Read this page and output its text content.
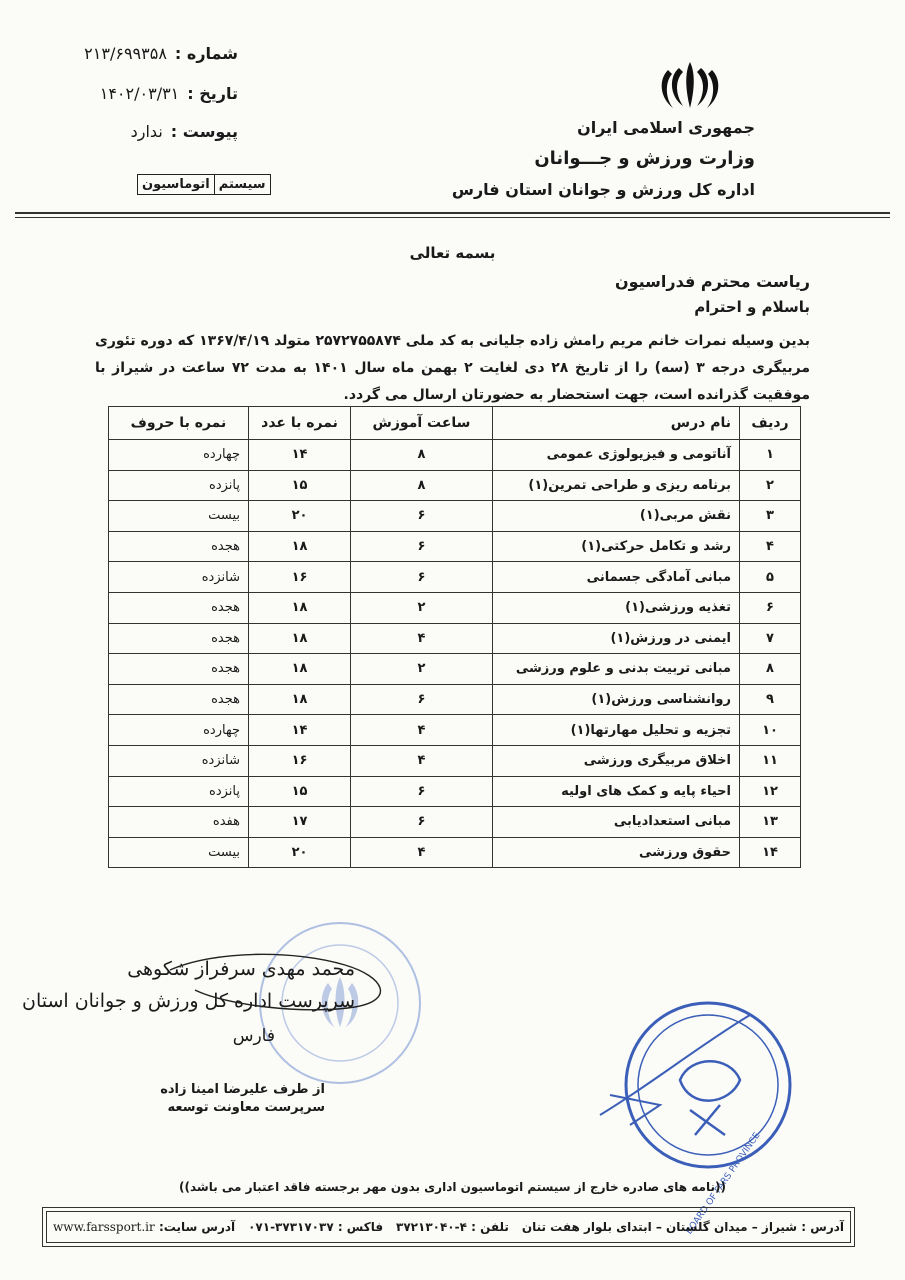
شماره :۲۱۳/۶۹۹۳۵۸
تاریخ :۱۴۰۲/۰۳/۳۱
پیوست :ندارد
سیستم
اتوماسیون
جمهوری اسلامی ایران
وزارت ورزش و جـــوانان
اداره کل ورزش و جوانان استان فارس
بسمه تعالی
ریاست محترم فدراسیون
باسلام و احترام
بدین وسیله نمرات خانم مریم رامش زاده جلیانی به کد ملی ۲۵۷۲۷۵۵۸۷۴ متولد ۱۳۶۷/۴/۱۹ که دوره تئوری مربیگری درجه ۳ (سه) را از تاریخ ۲۸ دی لغایت ۲ بهمن ماه سال ۱۴۰۱ به مدت ۷۲ ساعت در شیراز با موفقیت گذرانده است، جهت استحضار به حضورتان ارسال می گردد.
ردیف	نام درس	ساعت آموزش	نمره با عدد	نمره با حروف
۱	آناتومی و فیزیولوژی عمومی	۸	۱۴	چهارده
۲	برنامه ریزی و طراحی تمرین(۱)	۸	۱۵	پانزده
۳	نقش مربی(۱)	۶	۲۰	بیست
۴	رشد و تکامل حرکتی(۱)	۶	۱۸	هجده
۵	مبانی آمادگی جسمانی	۶	۱۶	شانزده
۶	تغذیه ورزشی(۱)	۲	۱۸	هجده
۷	ایمنی در ورزش(۱)	۴	۱۸	هجده
۸	مبانی تربیت بدنی و علوم ورزشی	۲	۱۸	هجده
۹	روانشناسی ورزش(۱)	۶	۱۸	هجده
۱۰	تجزیه و تحلیل مهارتها(۱)	۴	۱۴	چهارده
۱۱	اخلاق مربیگری ورزشی	۴	۱۶	شانزده
۱۲	احیاء پایه و کمک های اولیه	۶	۱۵	پانزده
۱۳	مبانی استعدادیابی	۶	۱۷	هفده
۱۴	حقوق ورزشی	۴	۲۰	بیست
BOARD OF FARS PROVINCE
محمد مهدی سرفراز شکوهی
سرپرست اداره کل ورزش و جوانان استان
فارس
از طرف علیرضا امینا زاده
سرپرست معاونت توسعه
((نامه های صادره خارج از سیستم اتوماسیون اداری بدون مهر برجسته فاقد اعتبار می باشد))
آدرس : شیراز – میدان گلستان – ابتدای بلوار هفت تنان
تلفن : ۴-۳۷۲۱۳۰۴۰
فاکس : ۳۷۳۱۷۰۳۷-۰۷۱
آدرس سایت: www.farssport.ir
